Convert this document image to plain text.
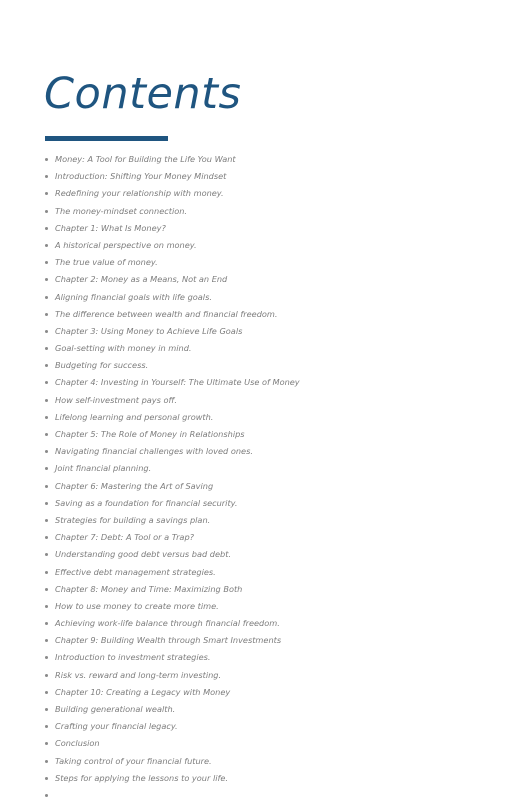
Contents
Money: A Tool for Building the Life You Want
Introduction: Shifting Your Money Mindset
Redefining your relationship with money.
The money-mindset connection.
Chapter 1: What Is Money?
A historical perspective on money.
The true value of money.
Chapter 2: Money as a Means, Not an End
Aligning financial goals with life goals.
The difference between wealth and financial freedom.
Chapter 3: Using Money to Achieve Life Goals
Goal-setting with money in mind.
Budgeting for success.
Chapter 4: Investing in Yourself: The Ultimate Use of Money
How self-investment pays off.
Lifelong learning and personal growth.
Chapter 5: The Role of Money in Relationships
Navigating financial challenges with loved ones.
Joint financial planning.
Chapter 6: Mastering the Art of Saving
Saving as a foundation for financial security.
Strategies for building a savings plan.
Chapter 7: Debt: A Tool or a Trap?
Understanding good debt versus bad debt.
Effective debt management strategies.
Chapter 8: Money and Time: Maximizing Both
How to use money to create more time.
Achieving work-life balance through financial freedom.
Chapter 9: Building Wealth through Smart Investments
Introduction to investment strategies.
Risk vs. reward and long-term investing.
Chapter 10: Creating a Legacy with Money
Building generational wealth.
Crafting your financial legacy.
Conclusion
Taking control of your financial future.
Steps for applying the lessons to your life.
